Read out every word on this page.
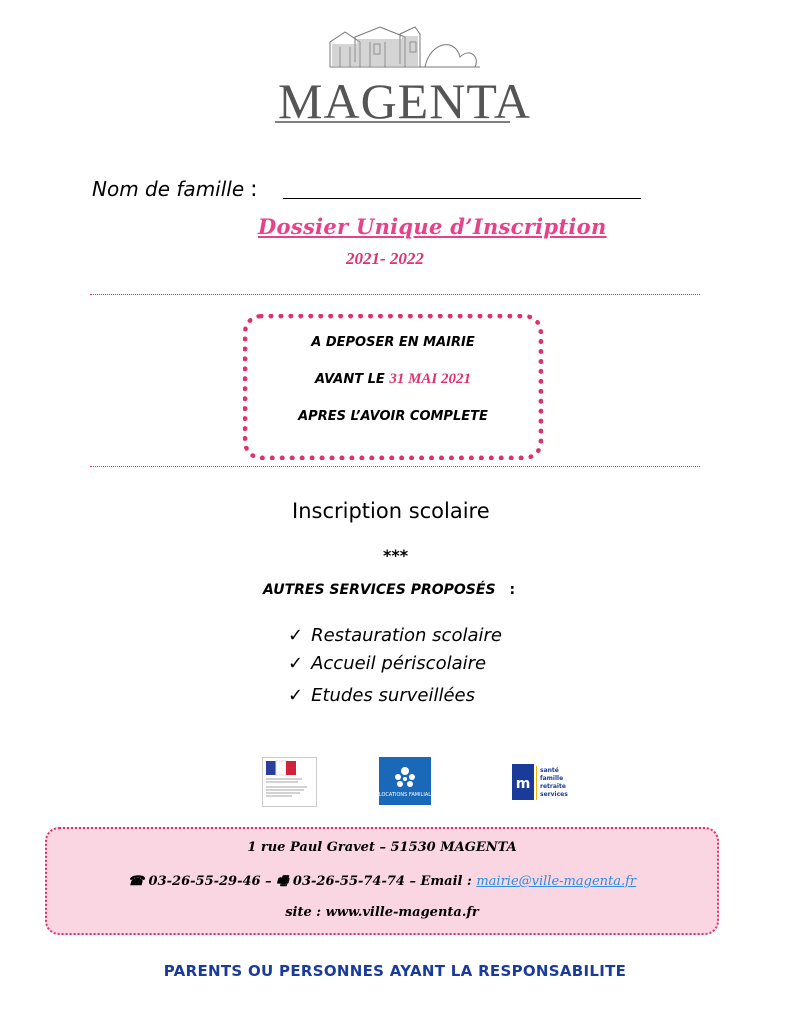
MAGENTA
Nom de famille :
Dossier Unique d’Inscription
2021- 2022
A DEPOSER EN MAIRIE
AVANT LE 31 MAI 2021
APRES L’AVOIR COMPLETE
Inscription scolaire
***
AUTRES SERVICES PROPOSÉS :
✓ Restauration scolaire
✓ Accueil périscolaire
✓ Etudes surveillées
ALLOCATIONS FAMILIALES
m
santé
famille
retraite
services
1 rue Paul Gravet – 51530 MAGENTA
☎ 03-26-55-29-46 – 🖷 03-26-55-74-74 – Email : mairie@ville-magenta.fr
site : www.ville-magenta.fr
PARENTS OU PERSONNES AYANT LA RESPONSABILITE
